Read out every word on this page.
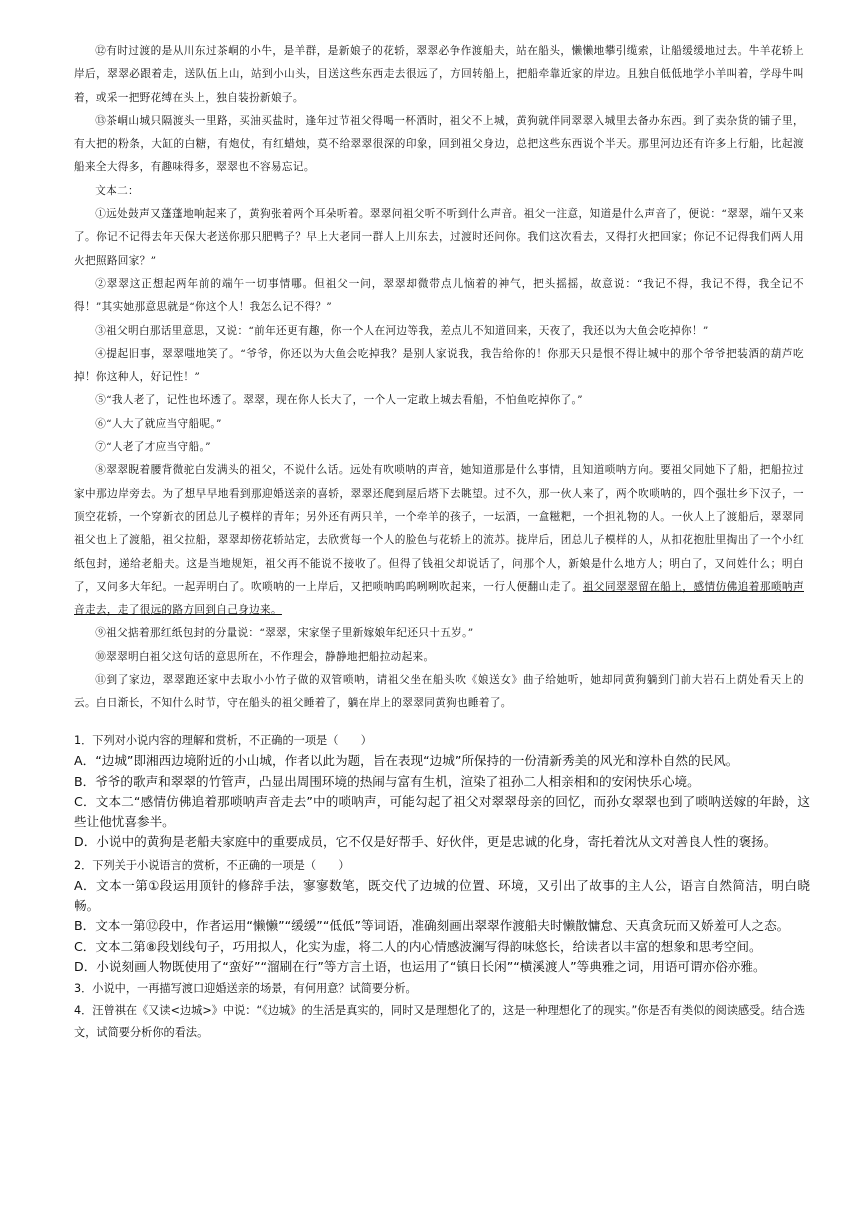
⑫有时过渡的是从川东过茶峒的小牛，是羊群，是新娘子的花轿，翠翠必争作渡船夫，站在船头，懒懒地攀引缆索，让船缓缓地过去。牛羊花轿上岸后，翠翠必跟着走，送队伍上山，站到小山头，目送这些东西走去很远了，方回转船上，把船牵靠近家的岸边。且独自低低地学小羊叫着，学母牛叫着，或采一把野花缚在头上，独自装扮新娘子。

⑬茶峒山城只隔渡头一里路，买油买盐时，逢年过节祖父得喝一杯酒时，祖父不上城，黄狗就伴同翠翠入城里去备办东西。到了卖杂货的铺子里，有大把的粉条，大缸的白糖，有炮仗，有红蜡烛，莫不给翠翠很深的印象，回到祖父身边，总把这些东西说个半天。那里河边还有许多上行船，比起渡船来全大得多，有趣味得多，翠翠也不容易忘记。

文本二：

①远处鼓声又蓬蓬地响起来了，黄狗张着两个耳朵听着。翠翠问祖父听不听到什么声音。祖父一注意，知道是什么声音了，便说：“翠翠，端午又来了。你记不记得去年天保大老送你那只肥鸭子？早上大老同一群人上川东去，过渡时还问你。我们这次看去，又得打火把回家；你记不记得我们两人用火把照路回家？”

②翠翠这正想起两年前的端午一切事情哪。但祖父一问，翠翠却微带点儿恼着的神气，把头摇摇，故意说：“我记不得，我记不得，我全记不得！”其实她那意思就是“你这个人！我怎么记不得？”

③祖父明白那话里意思，又说：“前年还更有趣，你一个人在河边等我，差点儿不知道回来，天夜了，我还以为大鱼会吃掉你！”

④提起旧事，翠翠嗤地笑了。“爷爷，你还以为大鱼会吃掉我？是别人家说我，我告给你的！你那天只是恨不得让城中的那个爷爷把装酒的葫芦吃掉！你这种人，好记性！”

⑤“我人老了，记性也坏透了。翠翠，现在你人长大了，一个人一定敢上城去看船，不怕鱼吃掉你了。”

⑥“人大了就应当守船呢。”

⑦“人老了才应当守船。”

⑧翠翠睨着腰背微驼白发满头的祖父，不说什么话。远处有吹唢呐的声音，她知道那是什么事情，且知道唢呐方向。要祖父同她下了船，把船拉过家中那边岸旁去。为了想早早地看到那迎婚送亲的喜轿，翠翠还爬到屋后塔下去眺望。过不久，那一伙人来了，两个吹唢呐的，四个强壮乡下汉子，一顶空花轿，一个穿新衣的团总儿子模样的青年；另外还有两只羊，一个牵羊的孩子，一坛酒，一盒糍粑，一个担礼物的人。一伙人上了渡船后，翠翠同祖父也上了渡船，祖父拉船，翠翠却傍花轿站定，去欣赏每一个人的脸色与花轿上的流苏。拢岸后，团总儿子模样的人，从扣花抱肚里掏出了一个小红纸包封，递给老船夫。这是当地规矩，祖父再不能说不接收了。但得了钱祖父却说话了，问那个人，新娘是什么地方人；明白了，又问姓什么；明白了，又问多大年纪。一起弄明白了。吹唢呐的一上岸后，又把唢呐呜呜咧咧吹起来，一行人便翻山走了。祖父同翠翠留在船上，感情仿佛追着那唢呐声音走去，走了很远的路方回到自己身边来。

⑨祖父掂着那红纸包封的分量说：“翠翠，宋家堡子里新嫁娘年纪还只十五岁。”

⑩翠翠明白祖父这句话的意思所在，不作理会，静静地把船拉动起来。

⑪到了家边，翠翠跑还家中去取小小竹子做的双管唢呐，请祖父坐在船头吹《娘送女》曲子给她听，她却同黄狗躺到门前大岩石上荫处看天上的云。白日渐长，不知什么时节，守在船头的祖父睡着了，躺在岸上的翠翠同黄狗也睡着了。

1．下列对小说内容的理解和赏析，不正确的一项是（　　）

A．“边城”即湘西边境附近的小山城，作者以此为题，旨在表现“边城”所保持的一份清新秀美的风光和淳朴自然的民风。

B．爷爷的歌声和翠翠的竹管声，凸显出周围环境的热闹与富有生机，渲染了祖孙二人相亲相和的安闲快乐心境。

C．文本二“感情仿佛追着那唢呐声音走去”中的唢呐声，可能勾起了祖父对翠翠母亲的回忆，而孙女翠翠也到了唢呐送嫁的年龄，这些让他忧喜参半。

D．小说中的黄狗是老船夫家庭中的重要成员，它不仅是好帮手、好伙伴，更是忠诚的化身，寄托着沈从文对善良人性的褒扬。

2．下列关于小说语言的赏析，不正确的一项是（　　）

A．文本一第①段运用顶针的修辞手法，寥寥数笔，既交代了边城的位置、环境，又引出了故事的主人公，语言自然简洁，明白晓畅。

B．文本一第⑫段中，作者运用“懒懒”“缓缓”“低低”等词语，准确刻画出翠翠作渡船夫时懒散慵怠、天真贪玩而又娇羞可人之态。

C．文本二第⑧段划线句子，巧用拟人，化实为虚，将二人的内心情感波澜写得韵味悠长，给读者以丰富的想象和思考空间。

D．小说刻画人物既使用了“蛮好”“溜刷在行”等方言土语，也运用了“镇日长闲”“横溪渡人”等典雅之词，用语可谓亦俗亦雅。

3．小说中，一再描写渡口迎婚送亲的场景，有何用意？试简要分析。

4．汪曾祺在《又读<边城>》中说：“《边城》的生活是真实的，同时又是理想化了的，这是一种理想化了的现实。”你是否有类似的阅读感受。结合选文，试简要分析你的看法。
